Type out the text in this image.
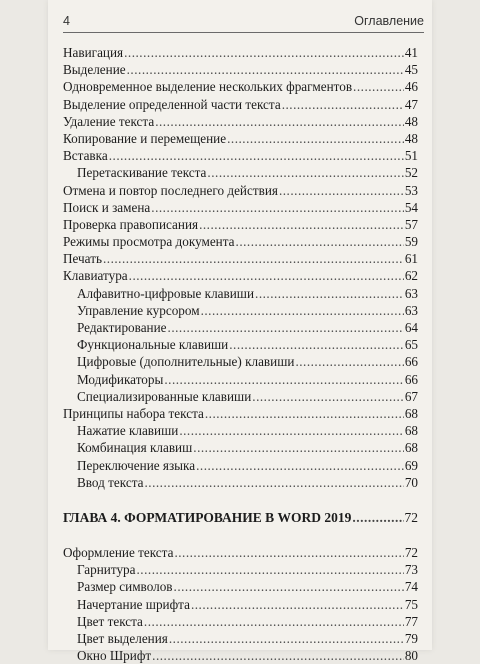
4	Оглавление
Навигация .....	41
Выделение .....	45
Одновременное выделение нескольких фрагментов .....	46
Выделение определенной части текста .....	47
Удаление текста .....	48
Копирование и перемещение .....	48
Вставка .....	51
Перетаскивание текста .....	52
Отмена и повтор последнего действия .....	53
Поиск и замена .....	54
Проверка правописания .....	57
Режимы просмотра документа .....	59
Печать .....	61
Клавиатура .....	62
Алфавитно-цифровые клавиши .....	63
Управление курсором .....	63
Редактирование .....	64
Функциональные клавиши .....	65
Цифровые (дополнительные) клавиши .....	66
Модификаторы .....	66
Специализированные клавиши .....	67
Принципы набора текста .....	68
Нажатие клавиши .....	68
Комбинация клавиш .....	68
Переключение языка .....	69
Ввод текста .....	70
ГЛАВА 4. ФОРМАТИРОВАНИЕ В WORD 2019 .....	72
Оформление текста .....	72
Гарнитура .....	73
Размер символов .....	74
Начертание шрифта .....	75
Цвет текста .....	77
Цвет выделения .....	79
Окно Шрифт .....	80
